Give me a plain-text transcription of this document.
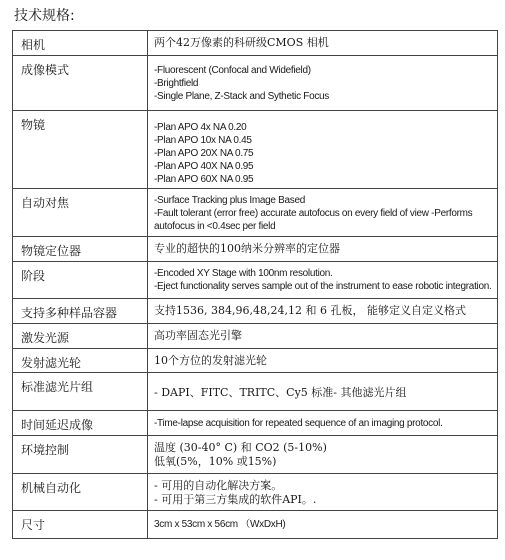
技术规格:
相机	两个42万像素的科研级CMOS 相机

成像模式	-Fluorescent (Confocal and Widefield)
-Brightfield
-Single Plane, Z-Stack and Sythetic Focus

物镜	-Plan APO 4x NA 0.20
-Plan APO 10x NA 0.45
-Plan APO 20X NA 0.75
-Plan APO 40X NA 0.95
-Plan APO 60X NA 0.95

自动对焦	-Surface Tracking plus Image Based
-Fault tolerant (error free) accurate autofocus on every field of view -Performs
autofocus in <0.4sec per field

物镜定位器	专业的超快的100纳米分辨率的定位器

阶段	-Encoded XY Stage with 100nm resolution.
-Eject functionality serves sample out of the instrument to ease robotic integration.

支持多种样品容器	支持1536, 384,96,48,24,12 和 6 孔板， 能够定义自定义格式

激发光源	高功率固态光引擎

发射滤光轮	10个方位的发射滤光轮

标准滤光片组	- DAPI、FITC、TRITC、Cy5 标准- 其他滤光片组

时间延迟成像	-Time-lapse acquisition for repeated sequence of an imaging protocol.

环境控制	温度 (30-40° C) 和 CO2 (5-10%)
低氧(5%，10% 或15%)

机械自动化	- 可用的自动化解决方案。
- 可用于第三方集成的软件API。.

尺寸	3cm x 53cm x 56cm （WxDxH)
